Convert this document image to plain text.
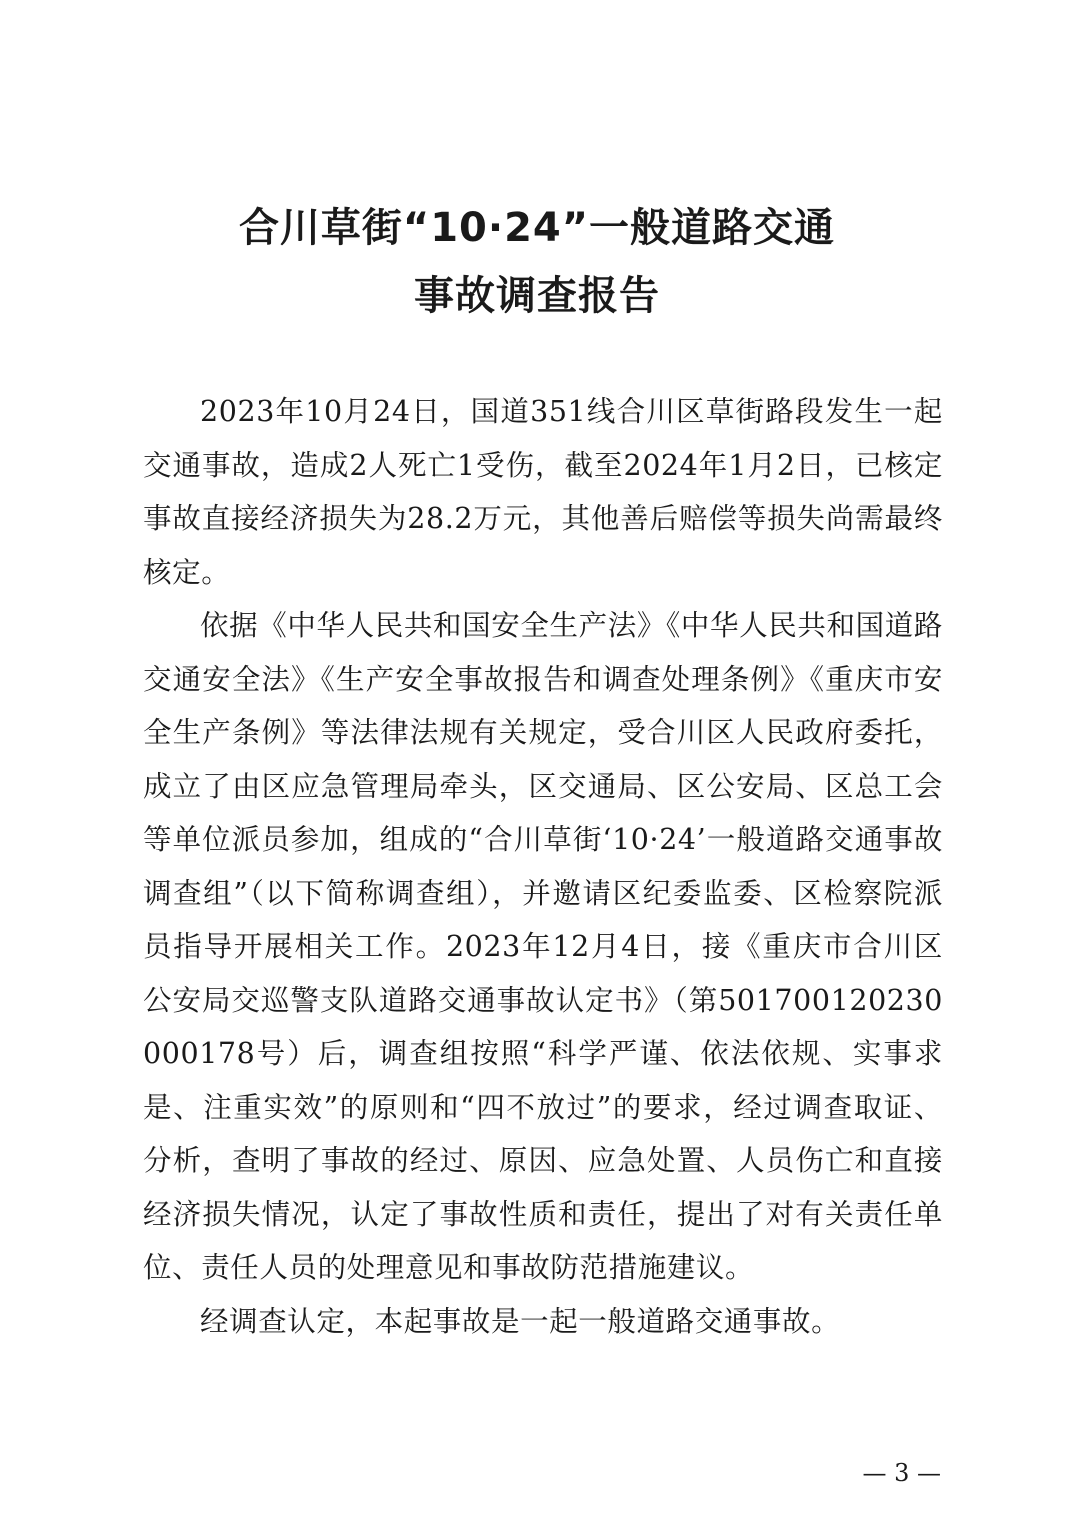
合川草街“10·24”一般道路交通
事故调查报告

2023年10月24日，国道351线合川区草街路段发生一起交通事故，造成2人死亡1受伤，截至2024年1月2日，已核定事故直接经济损失为28.2万元，其他善后赔偿等损失尚需最终核定。

依据《中华人民共和国安全生产法》《中华人民共和国道路交通安全法》《生产安全事故报告和调查处理条例》《重庆市安全生产条例》等法律法规有关规定，受合川区人民政府委托，成立了由区应急管理局牵头，区交通局、区公安局、区总工会等单位派员参加，组成的“合川草街‘10·24’一般道路交通事故调查组”（以下简称调查组），并邀请区纪委监委、区检察院派员指导开展相关工作。2023年12月4日，接《重庆市合川区公安局交巡警支队道路交通事故认定书》（第501700120230000178号）后，调查组按照“科学严谨、依法依规、实事求是、注重实效”的原则和“四不放过”的要求，经过调查取证、分析，查明了事故的经过、原因、应急处置、人员伤亡和直接经济损失情况，认定了事故性质和责任，提出了对有关责任单位、责任人员的处理意见和事故防范措施建议。

经调查认定，本起事故是一起一般道路交通事故。

— 3 —
